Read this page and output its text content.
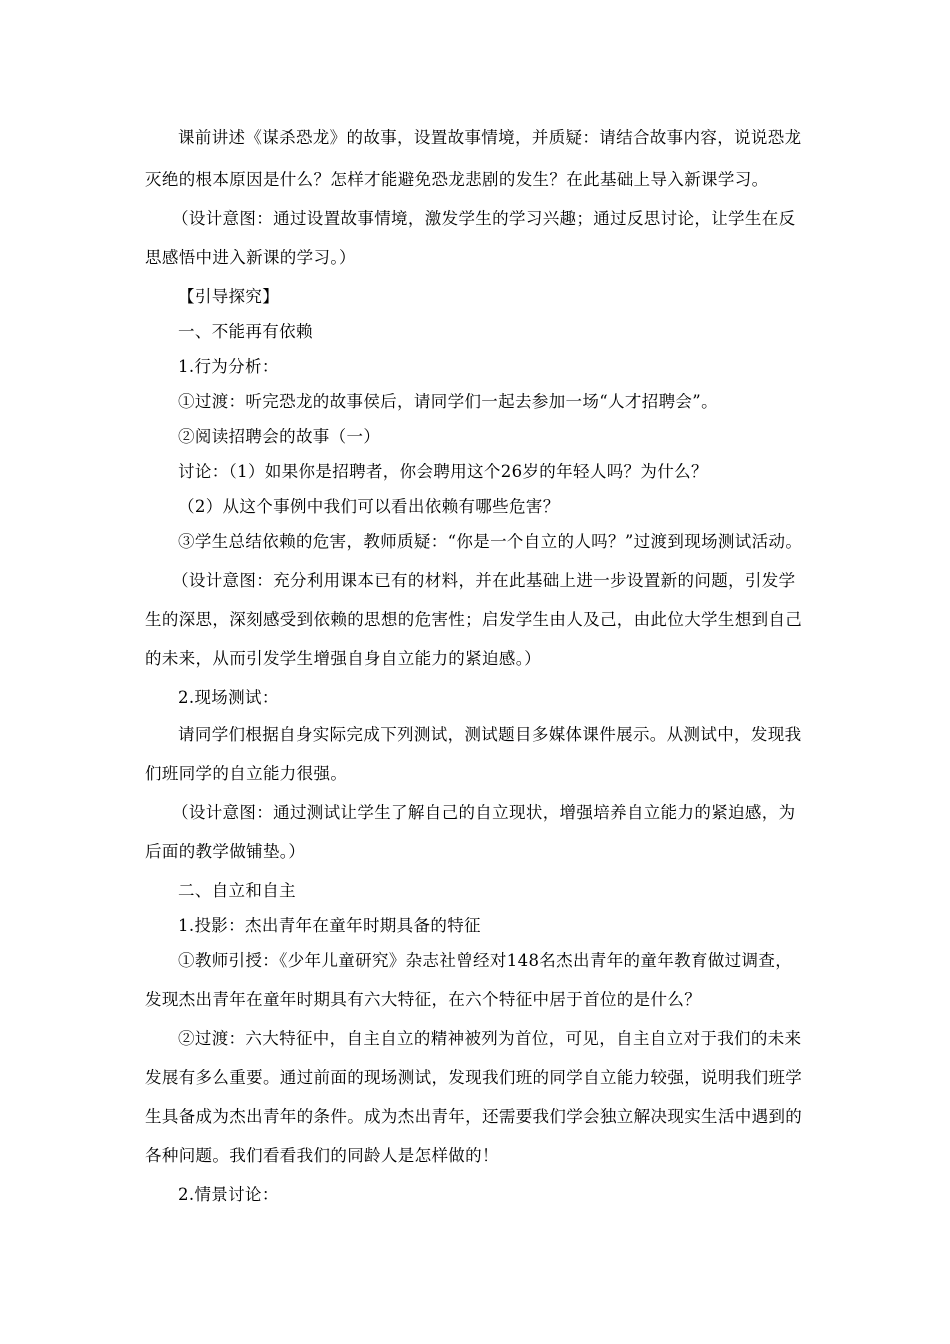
课前讲述《谋杀恐龙》的故事，设置故事情境，并质疑：请结合故事内容，说说恐龙
灭绝的根本原因是什么？怎样才能避免恐龙悲剧的发生？在此基础上导入新课学习。
（设计意图：通过设置故事情境，激发学生的学习兴趣；通过反思讨论，让学生在反
思感悟中进入新课的学习。）
【引导探究】
一、不能再有依赖
1.行为分析：
①过渡：听完恐龙的故事侯后，请同学们一起去参加一场“人才招聘会”。
②阅读招聘会的故事（一）
讨论：（1）如果你是招聘者，你会聘用这个26岁的年轻人吗？为什么？
（2）从这个事例中我们可以看出依赖有哪些危害？
③学生总结依赖的危害，教师质疑：“你是一个自立的人吗？”过渡到现场测试活动。
（设计意图：充分利用课本已有的材料，并在此基础上进一步设置新的问题，引发学
生的深思，深刻感受到依赖的思想的危害性；启发学生由人及己，由此位大学生想到自己
的未来，从而引发学生增强自身自立能力的紧迫感。）
2.现场测试：
请同学们根据自身实际完成下列测试，测试题目多媒体课件展示。从测试中，发现我
们班同学的自立能力很强。
（设计意图：通过测试让学生了解自己的自立现状，增强培养自立能力的紧迫感，为
后面的教学做铺垫。）
二、自立和自主
1.投影：杰出青年在童年时期具备的特征
①教师引授：《少年儿童研究》杂志社曾经对148名杰出青年的童年教育做过调查，
发现杰出青年在童年时期具有六大特征，在六个特征中居于首位的是什么？
②过渡：六大特征中，自主自立的精神被列为首位，可见，自主自立对于我们的未来
发展有多么重要。通过前面的现场测试，发现我们班的同学自立能力较强，说明我们班学
生具备成为杰出青年的条件。成为杰出青年，还需要我们学会独立解决现实生活中遇到的
各种问题。我们看看我们的同龄人是怎样做的！
2.情景讨论：
